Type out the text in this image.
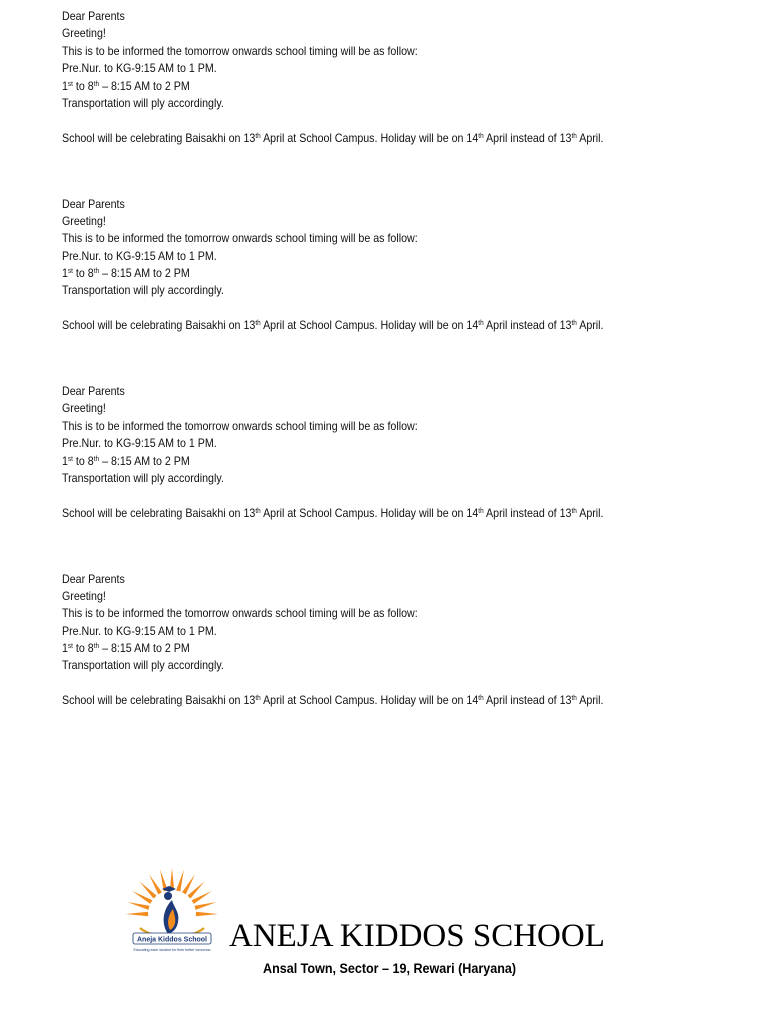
Dear Parents
Greeting!
This is to be informed the tomorrow onwards school timing will be as follow:
Pre.Nur. to KG-9:15 AM to 1 PM.
1st to 8th – 8:15 AM to 2 PM
Transportation will ply accordingly.
School will be celebrating Baisakhi on 13th April at School Campus. Holiday will be on 14th April instead of 13th April.
Dear Parents
Greeting!
This is to be informed the tomorrow onwards school timing will be as follow:
Pre.Nur. to KG-9:15 AM to 1 PM.
1st to 8th – 8:15 AM to 2 PM
Transportation will ply accordingly.
School will be celebrating Baisakhi on 13th April at School Campus. Holiday will be on 14th April instead of 13th April.
Dear Parents
Greeting!
This is to be informed the tomorrow onwards school timing will be as follow:
Pre.Nur. to KG-9:15 AM to 1 PM.
1st to 8th – 8:15 AM to 2 PM
Transportation will ply accordingly.
School will be celebrating Baisakhi on 13th April at School Campus. Holiday will be on 14th April instead of 13th April.
Dear Parents
Greeting!
This is to be informed the tomorrow onwards school timing will be as follow:
Pre.Nur. to KG-9:15 AM to 1 PM.
1st to 8th – 8:15 AM to 2 PM
Transportation will ply accordingly.
School will be celebrating Baisakhi on 13th April at School Campus. Holiday will be on 14th April instead of 13th April.
Aneja Kiddos School
Educating each student for their better tomorrow ANEJA KIDDOS SCHOOL
Ansal Town, Sector – 19, Rewari (Haryana)
